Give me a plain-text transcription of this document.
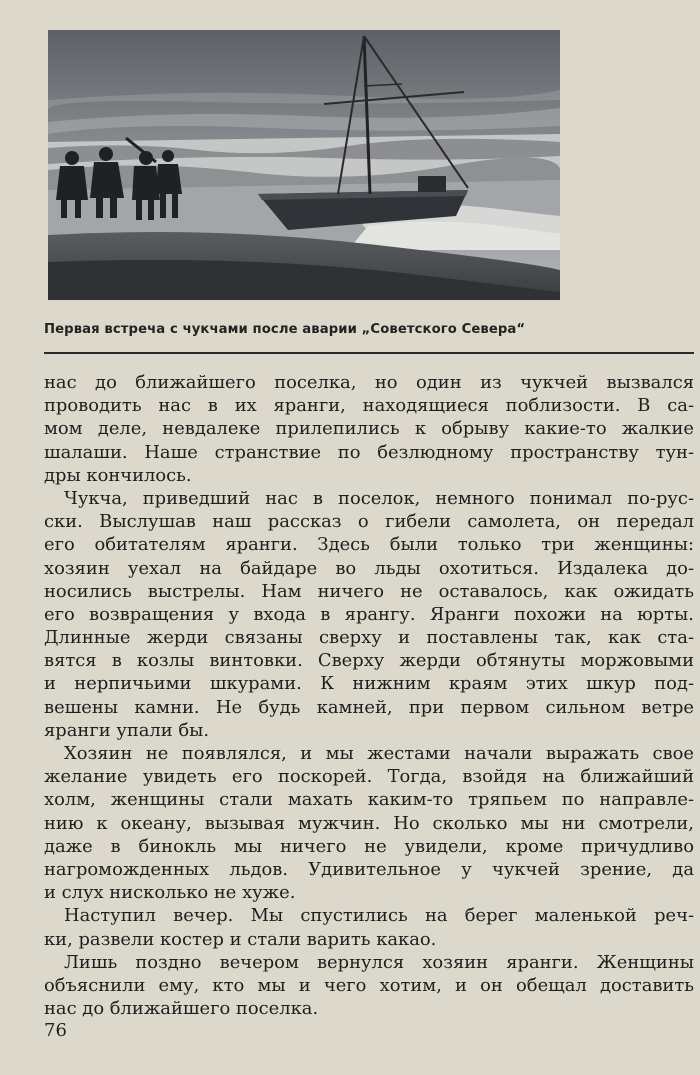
Первая встреча с чукчами после аварии „Советского Севера“
нас до ближайшего поселка, но один из чукчей вызвался
проводить нас в их яранги, находящиеся поблизости. В са-
мом деле, невдалеке прилепились к обрыву какие-то жалкие
шалаши. Наше странствие по безлюдному пространству тун-
дры кончилось.
Чукча, приведший нас в поселок, немного понимал по-рус-
ски. Выслушав наш рассказ о гибели самолета, он передал
его обитателям яранги. Здесь были только три женщины:
хозяин уехал на байдаре во льды охотиться. Издалека до-
носились выстрелы. Нам ничего не оставалось, как ожидать
его возвращения у входа в ярангу. Яранги похожи на юрты.
Длинные жерди связаны сверху и поставлены так, как ста-
вятся в козлы винтовки. Сверху жерди обтянуты моржовыми
и нерпичьими шкурами. К нижним краям этих шкур под-
вешены камни. Не будь камней, при первом сильном ветре
яранги упали бы.
Хозяин не появлялся, и мы жестами начали выражать свое
желание увидеть его поскорей. Тогда, взойдя на ближайший
холм, женщины стали махать каким-то тряпьем по направле-
нию к океану, вызывая мужчин. Но сколько мы ни смотрели,
даже в бинокль мы ничего не увидели, кроме причудливо
нагроможденных льдов. Удивительное у чукчей зрение, да
и слух нисколько не хуже.
Наступил вечер. Мы спустились на берег маленькой реч-
ки, развели костер и стали варить какао.
Лишь поздно вечером вернулся хозяин яранги. Женщины
объяснили ему, кто мы и чего хотим, и он обещал доставить
нас до ближайшего поселка.
76
